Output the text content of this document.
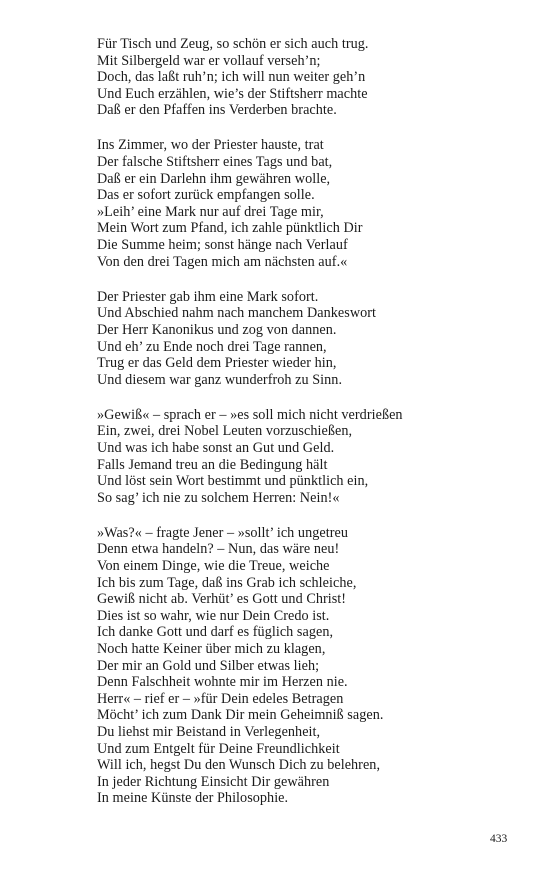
Für Tisch und Zeug, so schön er sich auch trug.
Mit Silbergeld war er vollauf verseh’n;
Doch, das laßt ruh’n; ich will nun weiter geh’n
Und Euch erzählen, wie’s der Stiftsherr machte
Daß er den Pfaffen ins Verderben brachte.
Ins Zimmer, wo der Priester hauste, trat
Der falsche Stiftsherr eines Tags und bat,
Daß er ein Darlehn ihm gewähren wolle,
Das er sofort zurück empfangen solle.
»Leih’ eine Mark nur auf drei Tage mir,
Mein Wort zum Pfand, ich zahle pünktlich Dir
Die Summe heim; sonst hänge nach Verlauf
Von den drei Tagen mich am nächsten auf.«
Der Priester gab ihm eine Mark sofort.
Und Abschied nahm nach manchem Dankeswort
Der Herr Kanonikus und zog von dannen.
Und eh’ zu Ende noch drei Tage rannen,
Trug er das Geld dem Priester wieder hin,
Und diesem war ganz wunderfroh zu Sinn.
»Gewiß« – sprach er – »es soll mich nicht verdrießen
Ein, zwei, drei Nobel Leuten vorzuschießen,
Und was ich habe sonst an Gut und Geld.
Falls Jemand treu an die Bedingung hält
Und löst sein Wort bestimmt und pünktlich ein,
So sag’ ich nie zu solchem Herren: Nein!«
»Was?« – fragte Jener – »sollt’ ich ungetreu
Denn etwa handeln? – Nun, das wäre neu!
Von einem Dinge, wie die Treue, weiche
Ich bis zum Tage, daß ins Grab ich schleiche,
Gewiß nicht ab. Verhüt’ es Gott und Christ!
Dies ist so wahr, wie nur Dein Credo ist.
Ich danke Gott und darf es füglich sagen,
Noch hatte Keiner über mich zu klagen,
Der mir an Gold und Silber etwas lieh;
Denn Falschheit wohnte mir im Herzen nie.
Herr« – rief er – »für Dein edeles Betragen
Möcht’ ich zum Dank Dir mein Geheimniß sagen.
Du liehst mir Beistand in Verlegenheit,
Und zum Entgelt für Deine Freundlichkeit
Will ich, hegst Du den Wunsch Dich zu belehren,
In jeder Richtung Einsicht Dir gewähren
In meine Künste der Philosophie.
433
